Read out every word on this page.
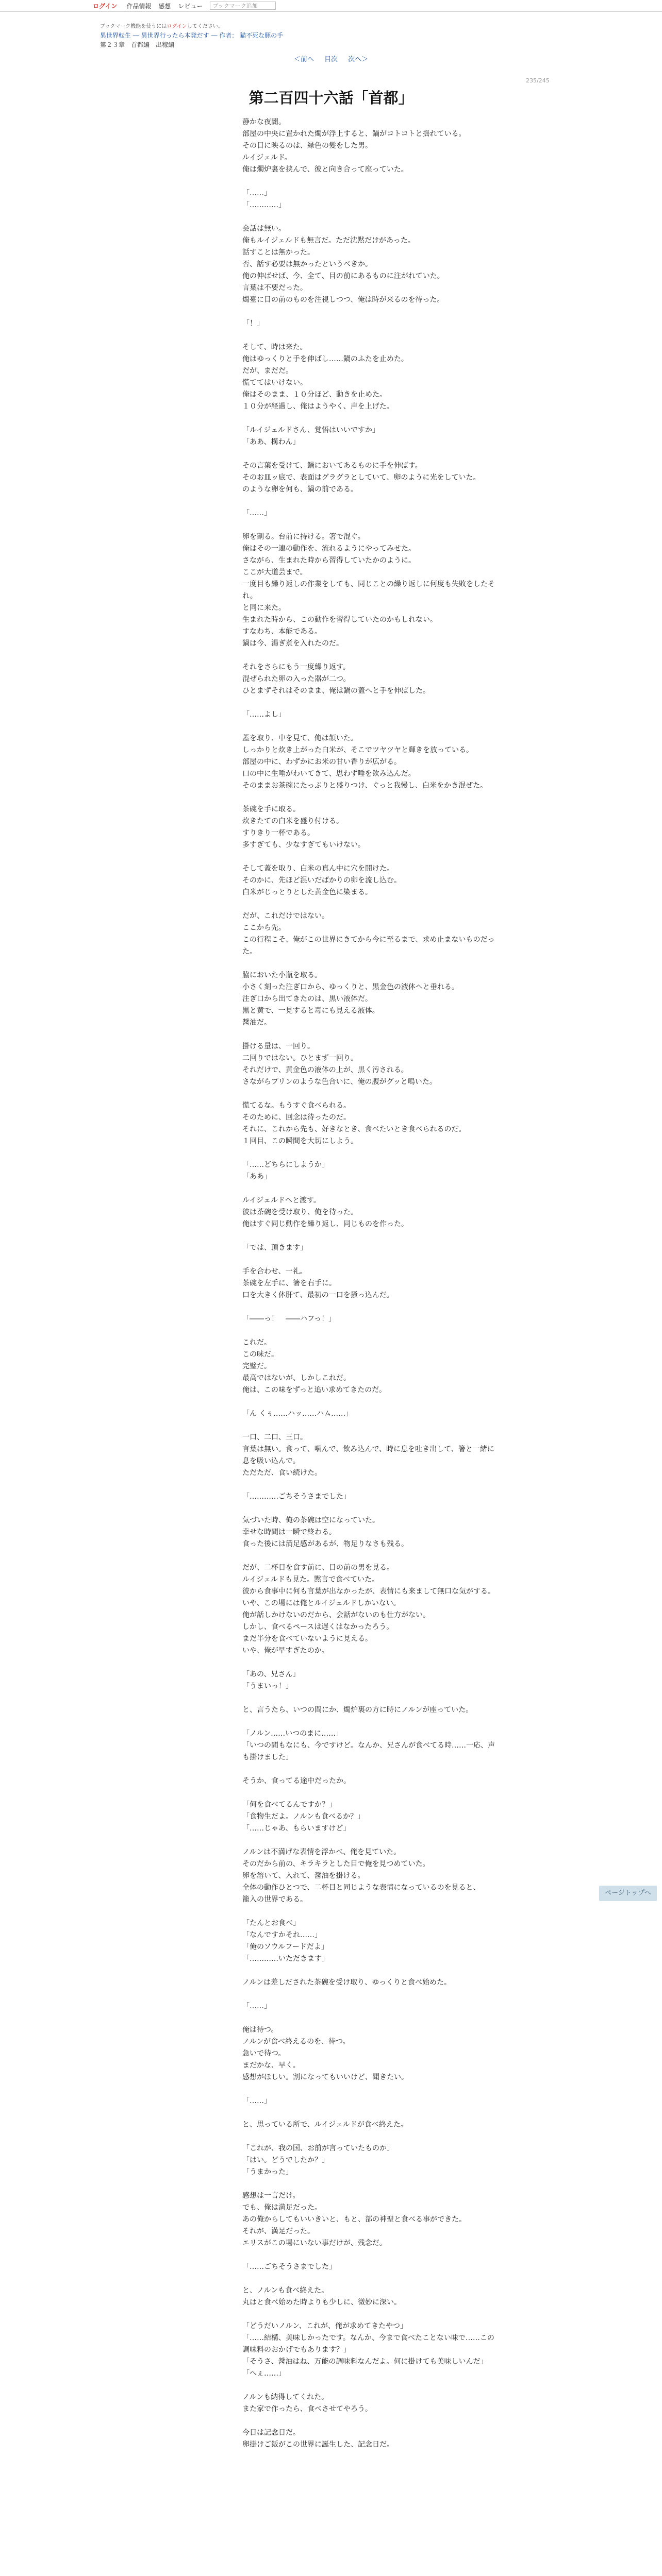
ログイン 作品情報 感想 レビュー	ブックマーク追加
ブックマーク機能を使うにはログインしてください。
異世界転生 ― 異世界行ったら本発だす ― 作者： 猫不死な豚の手
第２３章　首都編　出稼編
＜前へ 目次 次へ＞
235/245
第二百四十六話「首都」
静かな夜闇。
部屋の中央に置かれた燭が浮上すると、鍋がコトコトと揺れている。
その目に映るのは、緑色の髪をした男。
ルイジェルド。
俺は燭炉裏を挟んで、彼と向き合って座っていた。
「……」
「…………」
会話は無い。
俺もルイジェルドも無言だ。ただ沈黙だけがあった。
話すことは無かった。
否、話す必要は無かったというべきか。
俺の伸ばせば、今、全て、目の前にあるものに注がれていた。
言葉は不要だった。
燭臺に目の前のものを注視しつつ、俺は時が来るのを待った。
「！」
そして、時は来た。
俺はゆっくりと手を伸ばし……鍋のふたを止めた。
だが、まだだ。
慌ててはいけない。
俺はそのまま、１０分ほど、動きを止めた。
１０分が経過し、俺はようやく、声を上げた。
「ルイジェルドさん、覚悟はいいですか」
「ああ、構わん」
その言葉を受けて、鍋においてあるものに手を伸ばす。
そのお皿ッ底で、表面はグラグラとしていて、卵のように光をしていた。
のような卵を何も、鍋の前である。
「……」
卵を割る。台前に持ける。箸で混ぐ。
俺はその一連の動作を、流れるようにやってみせた。
さながら、生まれた時から習得していたかのように。
ここが大道芸まで。
一度目も繰り返しの作業をしても、同じことの繰り返しに何度も失敗をしたそれ。
と同に来た。
生まれた時から、この動作を習得していたのかもしれない。
すなわち、本能である。
鍋は今、湯ぎ煮を入れたのだ。
それをさらにもう一度繰り返す。
混ぜられた卵の入った器が二つ。
ひとまずそれはそのまま、俺は鍋の蓋へと手を伸ばした。
「……よし」
蓋を取り、中を見て、俺は頷いた。
しっかりと炊き上がった白米が、そこでツヤツヤと輝きを放っている。
部屋の中に、わずかにお米の甘い香りが広がる。
口の中に生唾がわいてきて、思わず唾を飲み込んだ。
そのままお茶碗にたっぷりと盛りつけ、ぐっと我慢し、白米をかき混ぜた。
茶碗を手に取る。
炊きたての白米を盛り付ける。
すりきり一杯である。
多すぎても、少なすぎてもいけない。
そして蓋を取り、白米の真ん中に穴を開けた。
そのかに、先ほど混いだばかりの卵を流し込む。
白米がじっとりとした黄金色に染まる。
だが、これだけではない。
ここから先。
この行程こそ、俺がこの世界にきてから今に至るまで、求め止まないものだった。
脇においた小瓶を取る。
小さく刻った注ぎ口から、ゆっくりと、黒金色の液体へと垂れる。
注ぎ口から出てきたのは、黒い液体だ。
黒と黄で、一見すると毒にも見える液体。
醤油だ。
掛ける量は、一回り。
二回りではない。ひとまず一回り。
それだけで、黄金色の液体の上が、黒く汚される。
さながらプリンのような色合いに、俺の腹がグッと鳴いた。
慌てるな。もうすぐ食べられる。
そのために、回念は待ったのだ。
それに、これから先も、好きなとき、食べたいとき食べられるのだ。
１回目、この瞬間を大切にしよう。
「……どちらにしようか」
「ああ」
ルイジェルドへと渡す。
彼は茶碗を受け取り、俺を待った。
俺はすぐ同じ動作を繰り返し、同じものを作った。
「では、頂きます」
手を合わせ、一礼。
茶碗を左手に、箸を右手に。
口を大きく体肝て、最初の一口を掻っ込んだ。
「――っ！　――ハフっ！」
これだ。
この味だ。
完璧だ。
最高ではないが、しかしこれだ。
俺は、この味をずっと追い求めてきたのだ。
「ん くぅ……ハッ……ハム……」
一口、二口、三口。
言葉は無い。食って、噛んで、飲み込んで、時に息を吐き出して、箸と一緒に息を吸い込んで。
ただただ、食い続けた。
「…………ごちそうさまでした」
気づいた時、俺の茶碗は空になっていた。
幸せな時間は一瞬で終わる。
食った後には満足感があるが、物足りなさも残る。
だが、二杯目を食す前に、目の前の男を見る。
ルイジェルドも見た。黙言で食べていた。
彼から食事中に何も言葉が出なかったが、表情にも来まして無口な気がする。
いや、この場には俺とルイジェルドしかいない。
俺が話しかけないのだから、会話がないのも仕方がない。
しかし、食べるペースは遅くはなかったろう。
まだ半分を食べていないように見える。
いや、俺が早すぎたのか。
「あの、兄さん」
「うまいっ！」
と、言うたら、いつの間にか、燭炉裏の方に時にノルンが座っていた。
「ノルン……いつのまに……」
「いつの間もなにも、今ですけど。なんか、兄さんが食べてる時……一応、声も掛けました」
そうか、食ってる途中だったか。
「何を食べてるんですか？」
「食物生だよ。ノルンも食べるか？」
「……じゃあ、もらいますけど」
ノルンは不満げな表情を浮かべ、俺を見ていた。
そのだから前の、キラキラとした目で俺を見つめていた。
卵を溶いて、入れて、醤油を掛ける。
全体の動作ひとつで、二杯目と同じような表情になっているのを見ると、
籠入の世界である。
「たんとお食べ」
「なんですかそれ……」
「俺のソウルフードだよ」
「…………いただきます」
ノルンは差しだされた茶碗を受け取り、ゆっくりと食べ始めた。
「……」
俺は待つ。
ノルンが食べ終えるのを、待つ。
急いで待つ。
まだかな、早く。
感想がほしい。割になってもいいけど、聞きたい。
「……」
と、思っている所で、ルイジェルドが食べ終えた。
「これが、我の国、お前が言っていたものか」
「はい。どうでしたか？」
「うまかった」
感想は一言だけ。
でも、俺は満足だった。
あの俺からしてもいいきいと、もと、部の神聖と食べる事ができた。
それが、満足だった。
エリスがこの場にいない事だけが、残念だ。
「……ごちそうさまでした」
と、ノルンも食べ終えた。
丸はと食べ始めた時よりも少しに、微妙に深い。
「どうだいノルン、これが、俺が求めてきたやつ」
「……結構、美味しかったです。なんか、今まで食べたことない味で……この調味料のおかげでもあります？」
「そうさ、醤油はね、万能の調味料なんだよ。何に掛けても美味しいんだ」
「へぇ……」
ノルンも納得してくれた。
また家で作ったら、食べさせてやろう。
今日は記念日だ。
卵掛けご飯がこの世界に誕生した、記念日だ。
ページトップへ
